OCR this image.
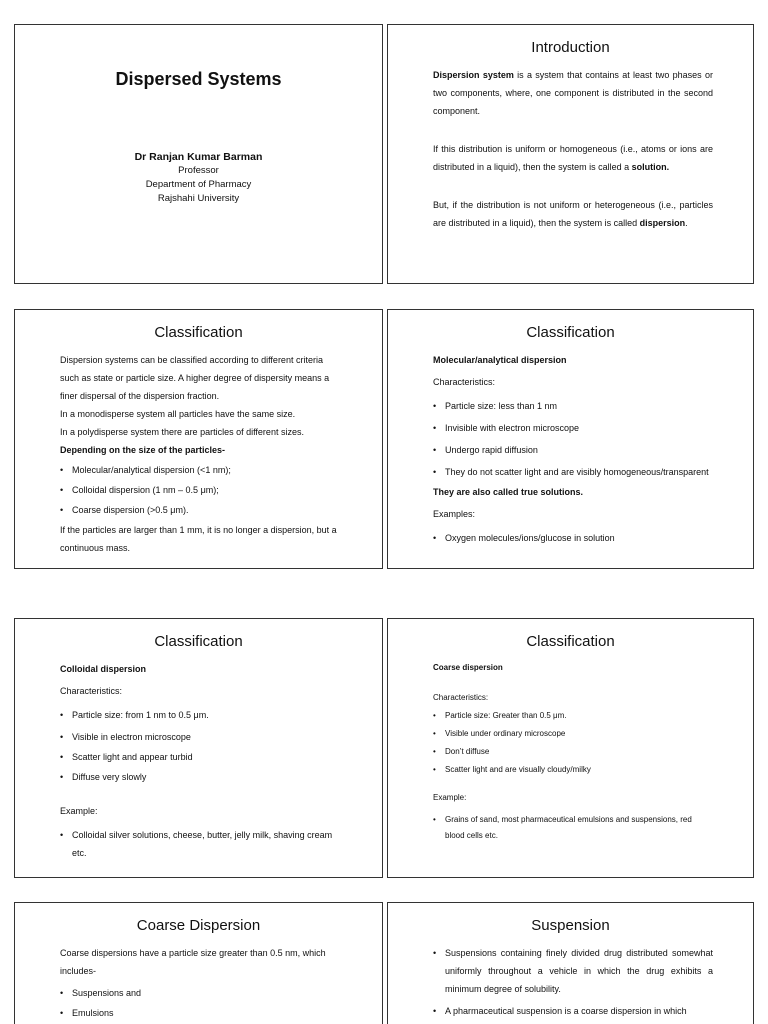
Dispersed Systems
Dr Ranjan Kumar Barman
Professor
Department of Pharmacy
Rajshahi University
Introduction

Dispersion system is a system that contains at least two phases or two components, where, one component is distributed in the second component.

If this distribution is uniform or homogeneous (i.e., atoms or ions are distributed in a liquid), then the system is called a solution.

But, if the distribution is not uniform or heterogeneous (i.e., particles are distributed in a liquid), then the system is called dispersion.

Classification

Dispersion systems can be classified according to different criteria such as state or particle size. A higher degree of dispersity means a finer dispersal of the dispersion fraction.

In a monodisperse system all particles have the same size.

In a polydisperse system there are particles of different sizes.

Depending on the size of the particles-

• Molecular/analytical dispersion (<1 nm);
• Colloidal dispersion (1 nm – 0.5 μm);
• Coarse dispersion (>0.5 μm).

If the particles are larger than 1 mm, it is no longer a dispersion, but a continuous mass.

Classification

Molecular/analytical dispersion

Characteristics:

• Particle size: less than 1 nm
• Invisible with electron microscope
• Undergo rapid diffusion
• They do not scatter light and are visibly homogeneous/transparent

They are also called true solutions.

Examples:

• Oxygen molecules/ions/glucose in solution
Classification

Colloidal dispersion

Characteristics:

• Particle size: from 1 nm to 0.5 μm.
• Visible in electron microscope
• Scatter light and appear turbid
• Diffuse very slowly

Example:

• Colloidal silver solutions, cheese, butter, jelly milk, shaving cream etc.
Classification

Coarse dispersion

Characteristics:

• Particle size: Greater than 0.5 μm.
• Visible under ordinary microscope
• Don’t diffuse
• Scatter light and are visually cloudy/milky

Example:

• Grains of sand, most pharmaceutical emulsions and suspensions, red blood cells etc.
Coarse Dispersion

Coarse dispersions have a particle size greater than 0.5 nm, which includes-

• Suspensions and
• Emulsions
Suspension
• Suspensions containing finely divided drug distributed somewhat uniformly throughout a vehicle in which the drug exhibits a minimum degree of solubility.
• A pharmaceutical suspension is a coarse dispersion in which
